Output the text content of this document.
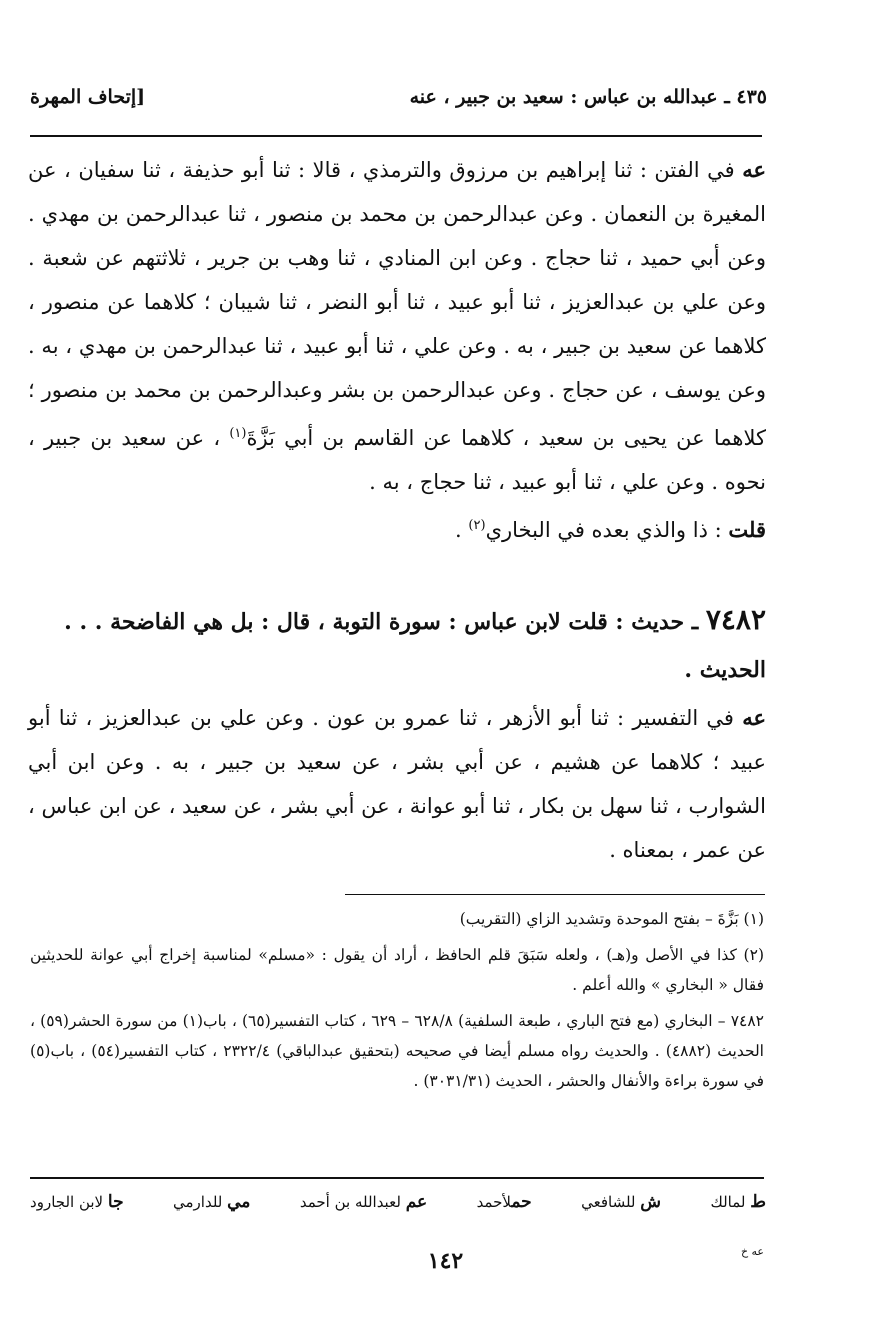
٤٣٥ ـ عبدالله بن عباس : سعيد بن جبير ، عنه
[إتحاف المهرة

عه في الفتن : ثنا إبراهيم بن مرزوق والترمذي ، قالا : ثنا أبو حذيفة ، ثنا سفيان ، عن المغيرة بن النعمان . وعن عبدالرحمن بن محمد بن منصور ، ثنا عبدالرحمن بن مهدي . وعن أبي حميد ، ثنا حجاج . وعن ابن المنادي ، ثنا وهب بن جرير ، ثلاثتهم عن شعبة . وعن علي بن عبدالعزيز ، ثنا أبو عبيد ، ثنا أبو النضر ، ثنا شيبان ؛ كلاهما عن منصور ، كلاهما عن سعيد بن جبير ، به . وعن علي ، ثنا أبو عبيد ، ثنا عبدالرحمن بن مهدي ، به . وعن يوسف ، عن حجاج . وعن عبدالرحمن بن بشر وعبدالرحمن بن محمد بن منصور ؛ كلاهما عن يحيى بن سعيد ، كلاهما عن القاسم بن أبي بَزَّةَ$^{(١)}$ ، عن سعيد بن جبير ، نحوه . وعن علي ، ثنا أبو عبيد ، ثنا حجاج ، به .

قلت : ذا والذي بعده في البخاري$^{(٢)}$ .

٧٤٨٢ ـ حديث : قلت لابن عباس : سورة التوبة ، قال : بل هي الفاضحة . . .
الحديث .
عه خ

عه في التفسير : ثنا أبو الأزهر ، ثنا عمرو بن عون . وعن علي بن عبدالعزيز ، ثنا أبو عبيد ؛ كلاهما عن هشيم ، عن أبي بشر ، عن سعيد بن جبير ، به . وعن ابن أبي الشوارب ، ثنا سهل بن بكار ، ثنا أبو عوانة ، عن أبي بشر ، عن سعيد ، عن ابن عباس ، عن عمر ، بمعناه .

(١) بَزَّةَ – بفتح الموحدة وتشديد الزاي (التقريب)

(٢) كذا في الأصل و(هـ) ، ولعله سَبَقَ قلم الحافظ ، أراد أن يقول : «مسلم» لمناسبة إخراج أبي عوانة للحديثين فقال « البخاري » والله أعلم .

٧٤٨٢ – البخاري (مع فتح الباري ، طبعة السلفية) ٦٢٨/٨ – ٦٢٩ ، كتاب التفسير(٦٥) ، باب(١) من سورة الحشر(٥٩) ، الحديث (٤٨٨٢) . والحديث رواه مسلم أيضا في صحيحه (بتحقيق عبدالباقي) ٢٣٢٢/٤ ، كتاب التفسير(٥٤) ، باب(٥) في سورة براءة والأنفال والحشر ، الحديث (٣٠٣١/٣١) .

ط لمالك
ش للشافعي
حملأحمد
عم لعبدالله بن أحمد
مي للدارمي
جا لابن الجارود
١٤٢
